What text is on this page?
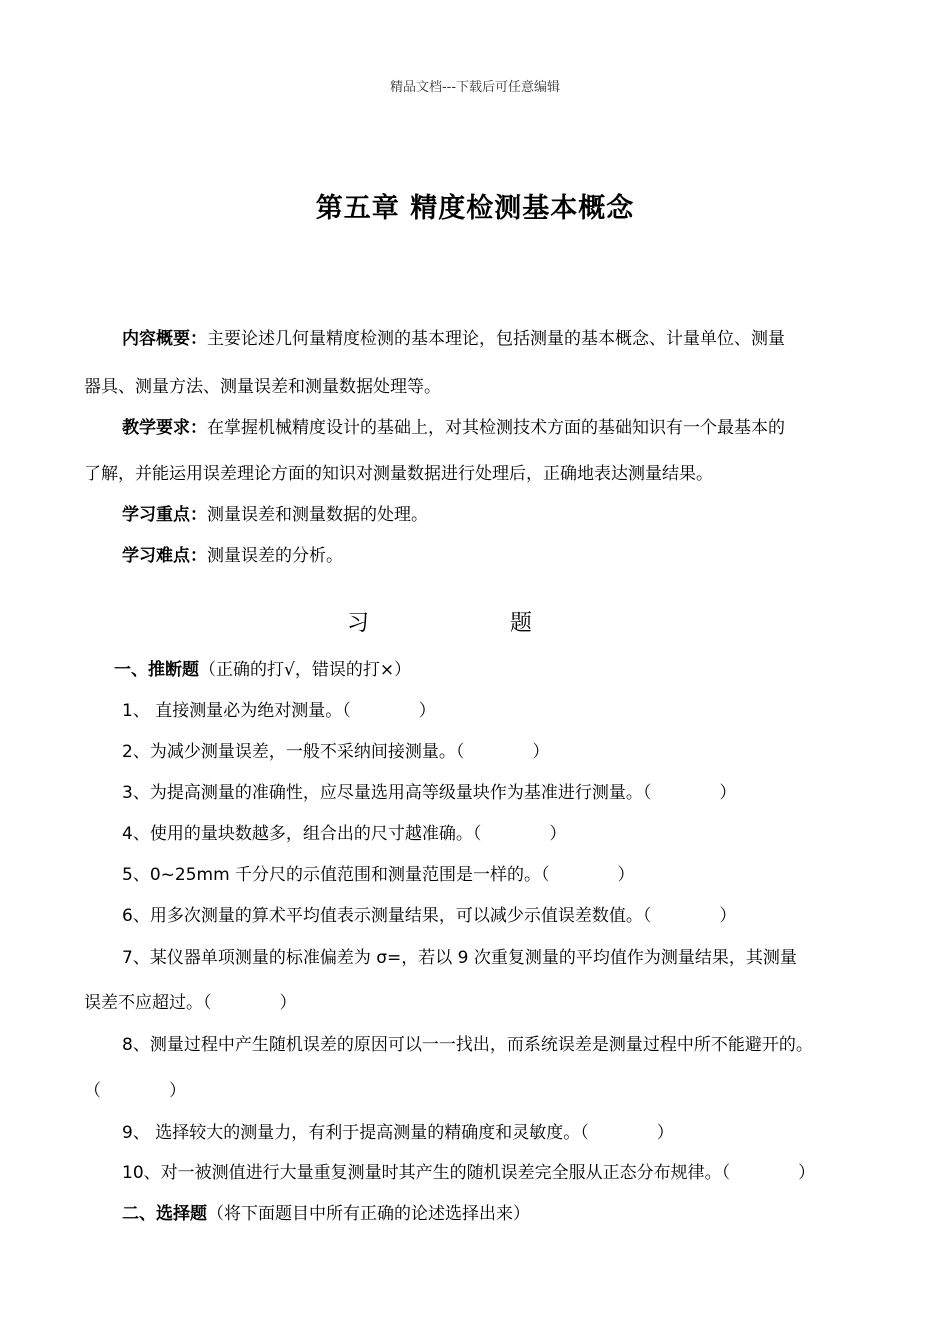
精品文档---下载后可任意编辑
第五章 精度检测基本概念
内容概要：主要论述几何量精度检测的基本理论，包括测量的基本概念、计量单位、测量
器具、测量方法、测量误差和测量数据处理等。
教学要求：在掌握机械精度设计的基础上，对其检测技术方面的基础知识有一个最基本的
了解，并能运用误差理论方面的知识对测量数据进行处理后，正确地表达测量结果。
学习重点：测量误差和测量数据的处理。
学习难点：测量误差的分析。
习	题
一、推断题（正确的打√，错误的打×）
1、 直接测量必为绝对测量。（	）
2、为减少测量误差，一般不采纳间接测量。（	）
3、为提高测量的准确性，应尽量选用高等级量块作为基准进行测量。（	）
4、使用的量块数越多，组合出的尺寸越准确。（	）
5、0~25mm 千分尺的示值范围和测量范围是一样的。（	）
6、用多次测量的算术平均值表示测量结果，可以减少示值误差数值。（	）
7、某仪器单项测量的标准偏差为 σ=，若以 9 次重复测量的平均值作为测量结果，其测量
误差不应超过。（	）
8、测量过程中产生随机误差的原因可以一一找出，而系统误差是测量过程中所不能避开的。
（	）
9、 选择较大的测量力，有利于提高测量的精确度和灵敏度。（	）
10、对一被测值进行大量重复测量时其产生的随机误差完全服从正态分布规律。（	）
二、选择题（将下面题目中所有正确的论述选择出来）
